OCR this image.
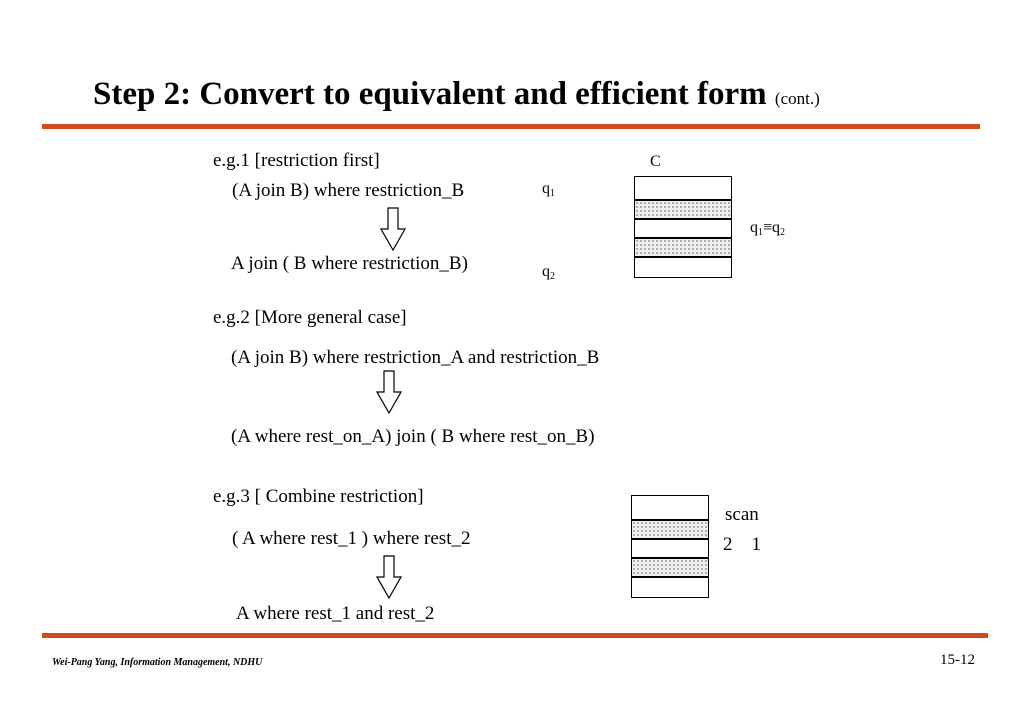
Step 2: Convert to equivalent and efficient form (cont.)
e.g.1 [restriction first]
(A join B) where restriction_B	$q_1$
A join ( B where restriction_B)	$q_2$
C
$q_1\equiv q_2$
e.g.2 [More general case]
(A join B) where restriction_A and restriction_B
(A where rest_on_A) join ( B where rest_on_B)
e.g.3 [ Combine restriction]
( A where rest_1 ) where rest_2
A where rest_1 and rest_2
scan
2    1
Wei-Pang Yang, Information Management, NDHU	15-12
